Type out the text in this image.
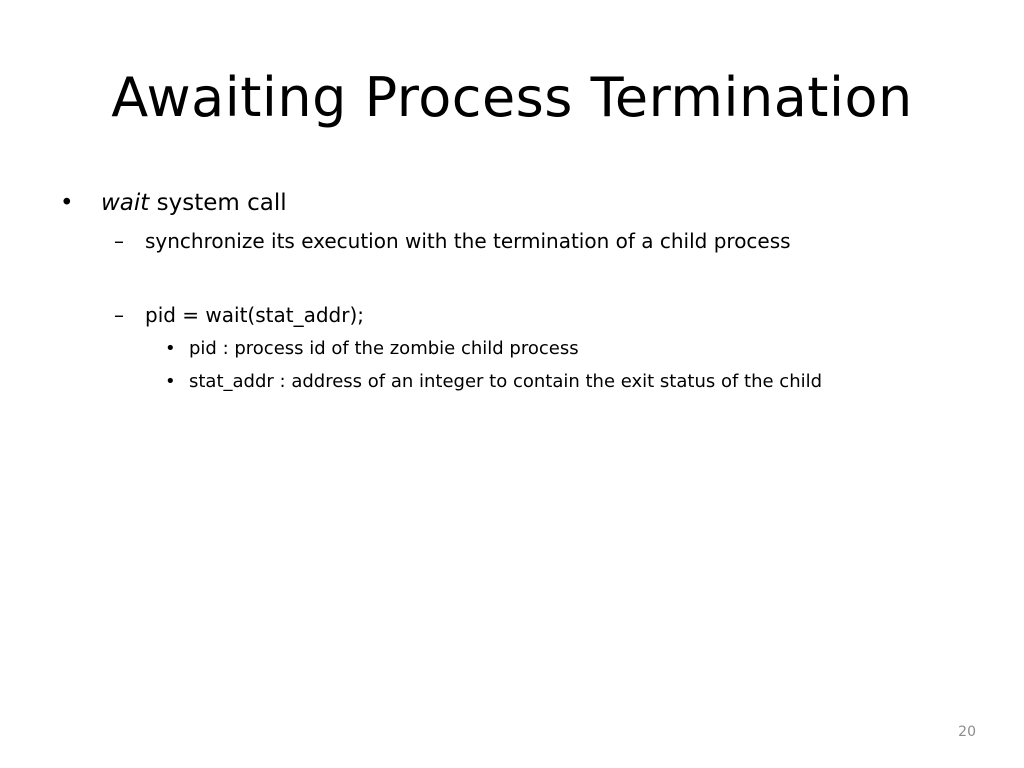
Awaiting Process Termination
• wait system call
– synchronize its execution with the termination of a child process
– pid = wait(stat_addr);
• pid : process id of the zombie child process
• stat_addr : address of an integer to contain the exit status of the child
20
